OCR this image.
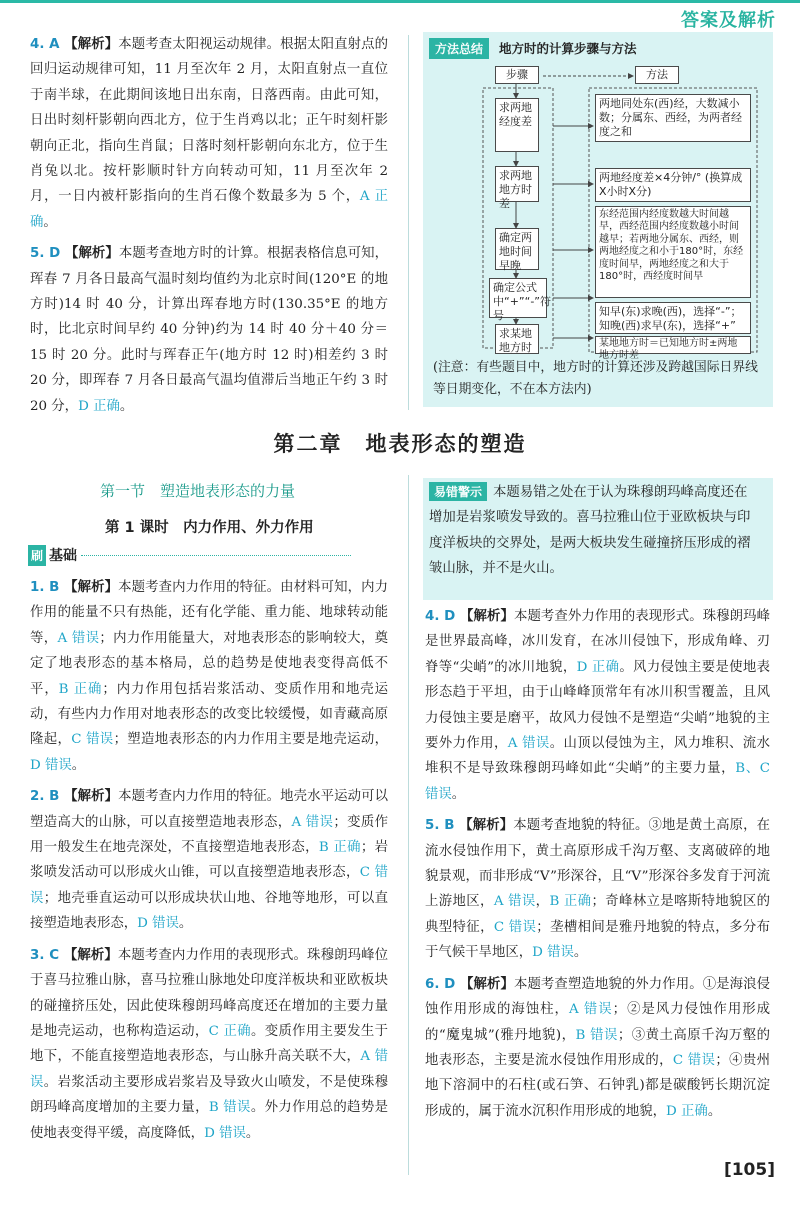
答案及解析

4. A 【解析】本题考查太阳视运动规律。根据太阳直射点的回归运动规律可知，11 月至次年 2 月，太阳直射点一直位于南半球，在此期间该地日出东南，日落西南。由此可知，日出时刻杆影朝向西北方，位于生肖鸡以北；正午时刻杆影朝向正北，指向生肖鼠；日落时刻杆影朝向东北方，位于生肖兔以北。按杆影顺时针方向转动可知，11 月至次年 2 月，一日内被杆影指向的生肖石像个数最多为 5 个，A 正确。

5. D 【解析】本题考查地方时的计算。根据表格信息可知，珲春 7 月各日最高气温时刻均值约为北京时间(120°E 的地方时)14 时 40 分，计算出珲春地方时(130.35°E 的地方时，比北京时间早约 40 分钟)约为 14 时 40 分＋40 分＝15 时 20 分。此时与珲春正午(地方时 12 时)相差约 3 时 20 分，即珲春 7 月各日最高气温均值滞后当地正午约 3 时 20 分，D 正确。

方法总结 地方时的计算步骤与方法
步骤	方法
求两地经度差
求两地地方时差
确定两地时间早晚
确定公式中“+”“-”符号
求某地地方时
两地同处东(西)经，大数减小数；分属东、西经，为两者经度之和
两地经度差×4分钟/° (换算成X小时X分)
东经范围内经度数越大时间越早，西经范围内经度数越小时间越早；若两地分属东、西经，则两地经度之和小于180°时，东经度时间早，两地经度之和大于180°时，西经度时间早
知早(东)求晚(西)，选择“-”；知晚(西)求早(东)，选择“+”
某地地方时＝已知地方时±两地地方时差
(注意：有些题目中，地方时的计算还涉及跨越国际日界线等日期变化，不在本方法内)
第二章　地表形态的塑造
第一节　塑造地表形态的力量
第 1 课时　内力作用、外力作用
刷 基础

1. B 【解析】本题考查内力作用的特征。由材料可知，内力作用的能量不只有热能，还有化学能、重力能、地球转动能等，A 错误；内力作用能量大，对地表形态的影响较大，奠定了地表形态的基本格局，总的趋势是使地表变得高低不平，B 正确；内力作用包括岩浆活动、变质作用和地壳运动，有些内力作用对地表形态的改变比较缓慢，如青藏高原隆起，C 错误；塑造地表形态的内力作用主要是地壳运动，D 错误。

2. B 【解析】本题考查内力作用的特征。地壳水平运动可以塑造高大的山脉，可以直接塑造地表形态，A 错误；变质作用一般发生在地壳深处，不直接塑造地表形态，B 正确；岩浆喷发活动可以形成火山锥，可以直接塑造地表形态，C 错误；地壳垂直运动可以形成块状山地、谷地等地形，可以直接塑造地表形态，D 错误。

3. C 【解析】本题考查内力作用的表现形式。珠穆朗玛峰位于喜马拉雅山脉，喜马拉雅山脉地处印度洋板块和亚欧板块的碰撞挤压处，因此使珠穆朗玛峰高度还在增加的主要力量是地壳运动，也称构造运动，C 正确。变质作用主要发生于地下，不能直接塑造地表形态，与山脉升高关联不大，A 错误。岩浆活动主要形成岩浆岩及导致火山喷发，不是使珠穆朗玛峰高度增加的主要力量，B 错误。外力作用总的趋势是使地表变得平缓，高度降低，D 错误。

易错警示 本题易错之处在于认为珠穆朗玛峰高度还在增加是岩浆喷发导致的。喜马拉雅山位于亚欧板块与印度洋板块的交界处，是两大板块发生碰撞挤压形成的褶皱山脉，并不是火山。

4. D 【解析】本题考查外力作用的表现形式。珠穆朗玛峰是世界最高峰，冰川发育，在冰川侵蚀下，形成角峰、刃脊等“尖峭”的冰川地貌，D 正确。风力侵蚀主要是使地表形态趋于平坦，由于山峰峰顶常年有冰川积雪覆盖，且风力侵蚀主要是磨平，故风力侵蚀不是塑造“尖峭”地貌的主要外力作用，A 错误。山顶以侵蚀为主，风力堆积、流水堆积不是导致珠穆朗玛峰如此“尖峭”的主要力量，B、C 错误。

5. B 【解析】本题考查地貌的特征。③地是黄土高原，在流水侵蚀作用下，黄土高原形成千沟万壑、支离破碎的地貌景观，而非形成“V”形深谷，且“V”形深谷多发育于河流上游地区，A 错误，B 正确；奇峰林立是喀斯特地貌区的典型特征，C 错误；垄槽相间是雅丹地貌的特点，多分布于气候干旱地区，D 错误。

6. D 【解析】本题考查塑造地貌的外力作用。①是海浪侵蚀作用形成的海蚀柱，A 错误；②是风力侵蚀作用形成的“魔鬼城”(雅丹地貌)，B 错误；③黄土高原千沟万壑的地表形态，主要是流水侵蚀作用形成的，C 错误；④贵州地下溶洞中的石柱(或石笋、石钟乳)都是碳酸钙长期沉淀形成的，属于流水沉积作用形成的地貌，D 正确。

[105]
